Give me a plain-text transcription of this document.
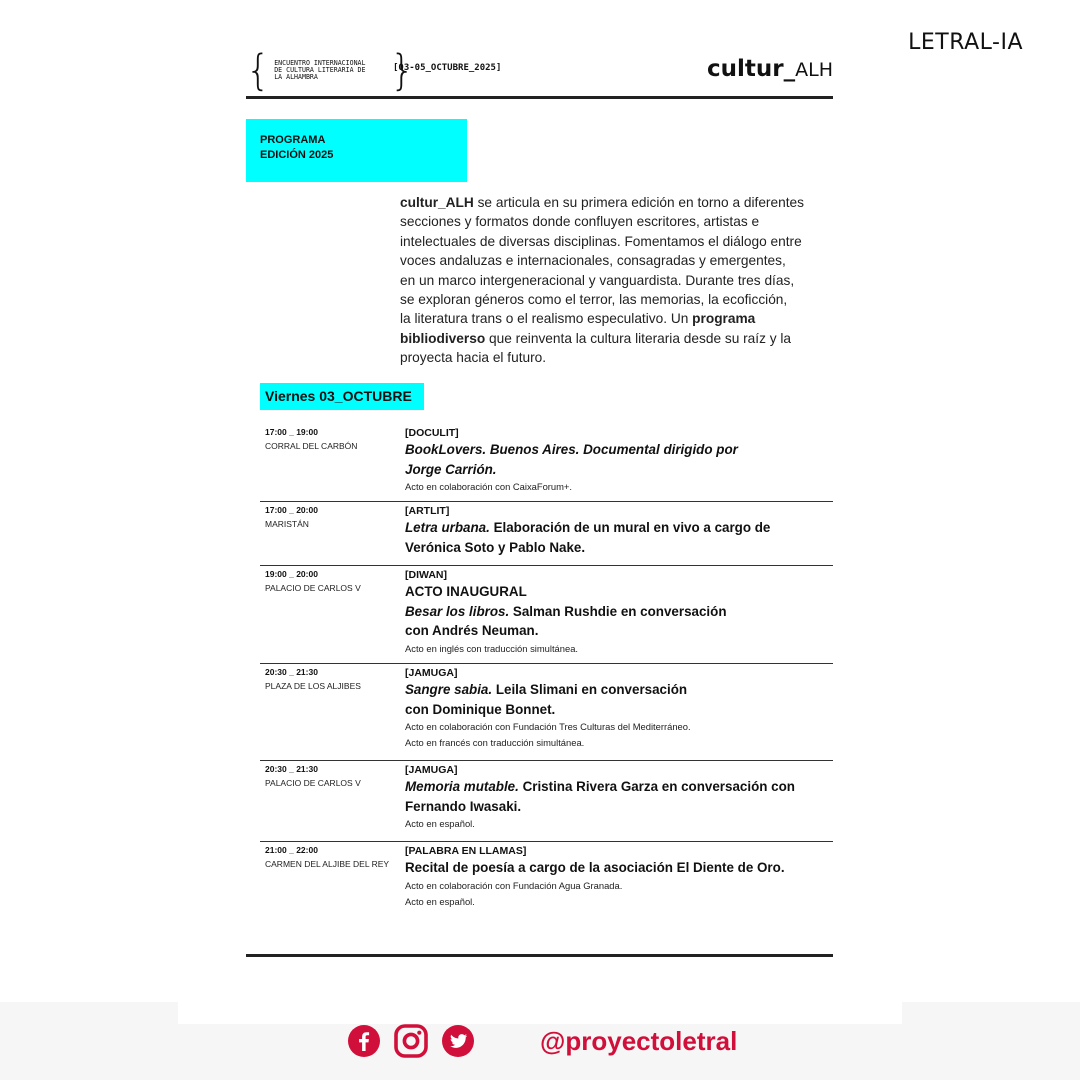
LETRAL-IA
{ ENCUENTRO INTERNACIONAL
DE CULTURA LITERARIA DE
LA ALHAMBRA	}
[03-05_OCTUBRE_2025]	cultur_ALH
PROGRAMA
EDICIÓN 2025
cultur_ALH se articula en su primera edición en torno a diferentes
secciones y formatos donde confluyen escritores, artistas e
intelectuales de diversas disciplinas. Fomentamos el diálogo entre
voces andaluzas e internacionales, consagradas y emergentes,
en un marco intergeneracional y vanguardista. Durante tres días,
se exploran géneros como el terror, las memorias, la ecoficción,
la literatura trans o el realismo especulativo. Un programa
bibliodiverso que reinventa la cultura literaria desde su raíz y la
proyecta hacia el futuro.
Viernes 03_OCTUBRE
17:00 _ 19:00
CORRAL DEL CARBÓN
[DOCULIT]
BookLovers. Buenos Aires. Documental dirigido por
Jorge Carrión.
Acto en colaboración con CaixaForum+.
17:00 _ 20:00
MARISTÁN
[ARTLIT]
Letra urbana. Elaboración de un mural en vivo a cargo de
Verónica Soto y Pablo Nake.
19:00 _ 20:00
PALACIO DE CARLOS V
[DIWAN]
ACTO INAUGURAL
Besar los libros. Salman Rushdie en conversación
con Andrés Neuman.
Acto en inglés con traducción simultánea.
20:30 _ 21:30
PLAZA DE LOS ALJIBES
[JAMUGA]
Sangre sabia. Leila Slimani en conversación
con Dominique Bonnet.
Acto en colaboración con Fundación Tres Culturas del Mediterráneo.
Acto en francés con traducción simultánea.
20:30 _ 21:30
PALACIO DE CARLOS V
[JAMUGA]
Memoria mutable. Cristina Rivera Garza en conversación con
Fernando Iwasaki.
Acto en español.
21:00 _ 22:00
CARMEN DEL ALJIBE DEL REY
[PALABRA EN LLAMAS]
Recital de poesía a cargo de la asociación El Diente de Oro.
Acto en colaboración con Fundación Agua Granada.
Acto en español.
@proyectoletral
